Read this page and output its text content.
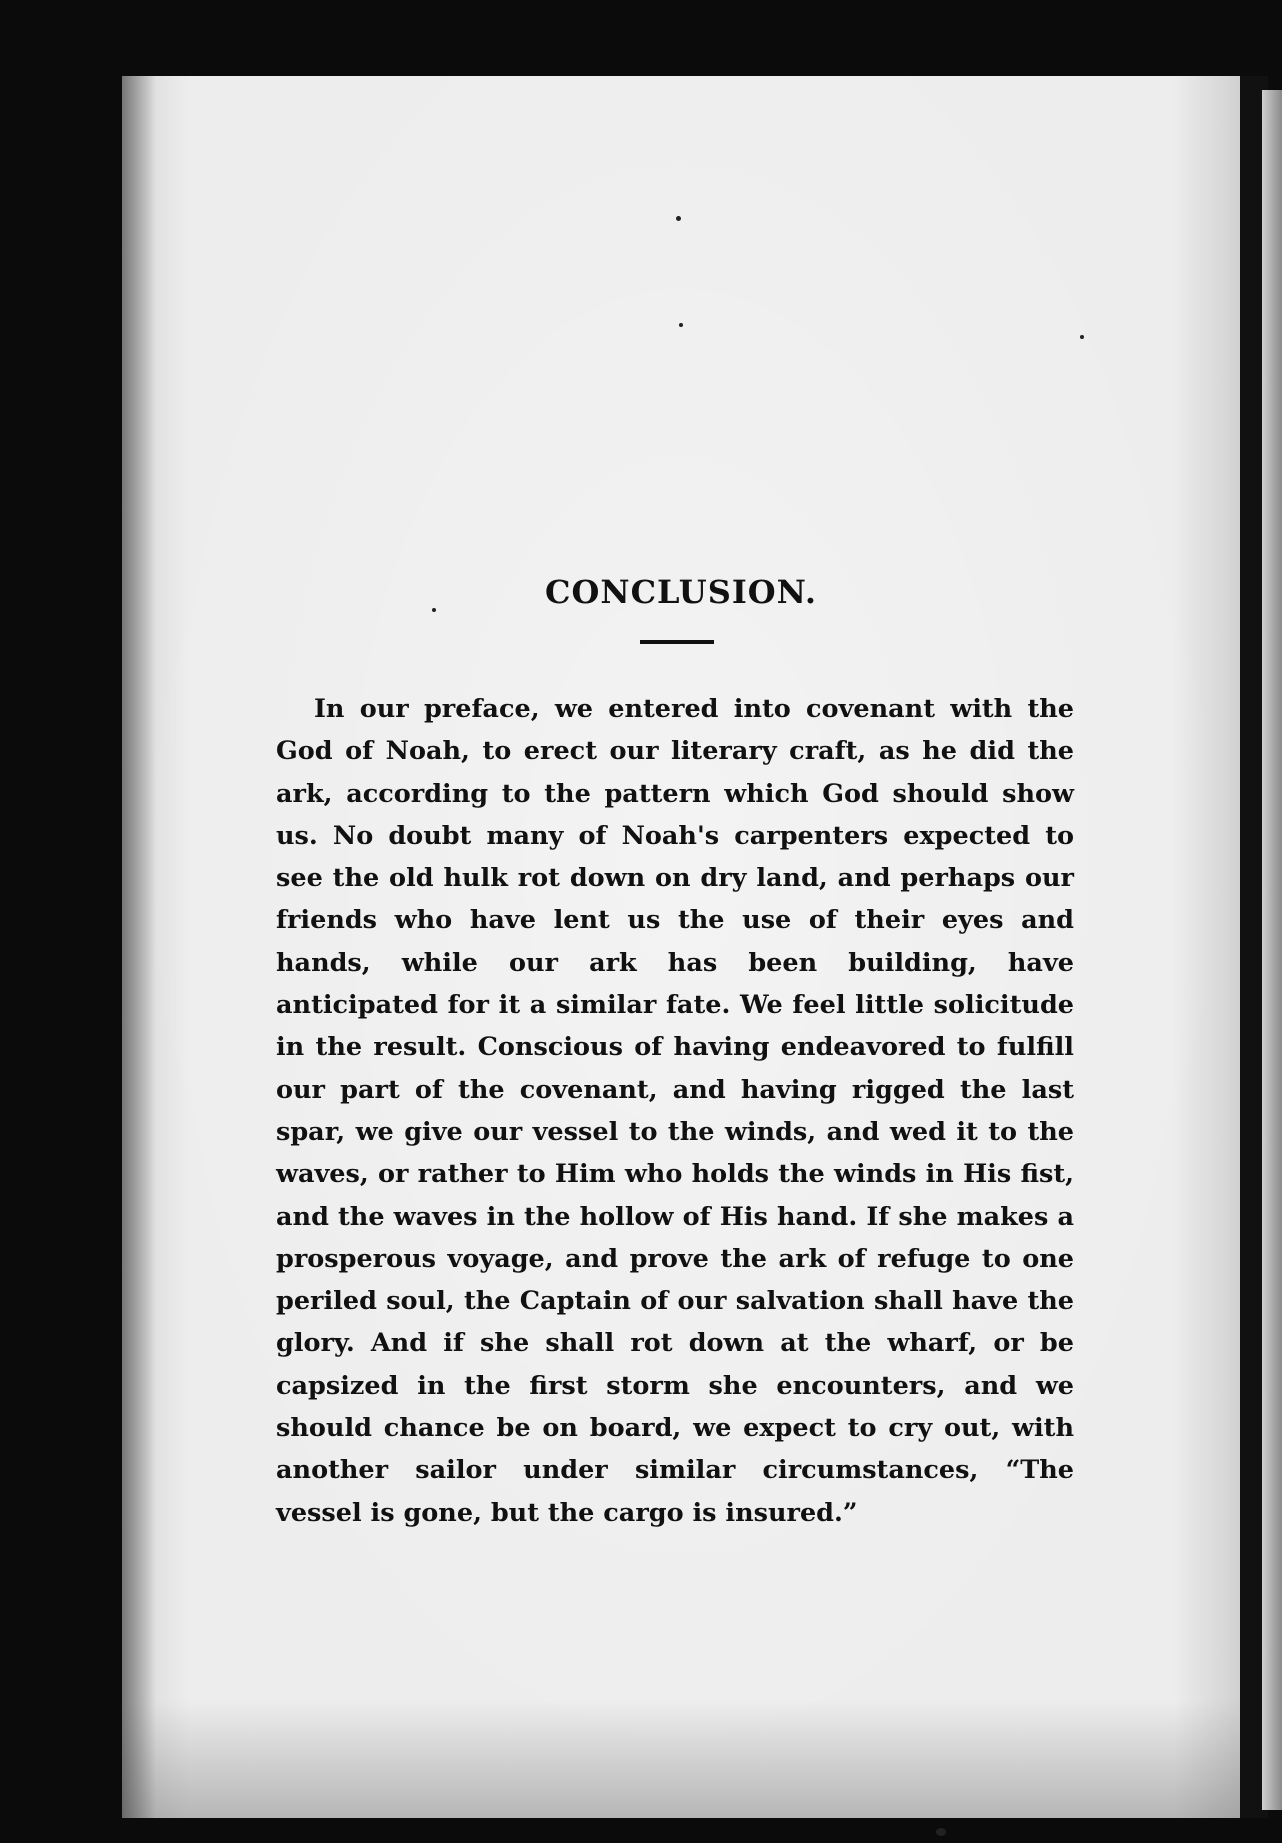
CONCLUSION.

In our preface, we entered into covenant with the God of Noah, to erect our literary craft, as he did the ark, according to the pattern which God should show us. No doubt many of Noah's carpenters expected to see the old hulk rot down on dry land, and perhaps our friends who have lent us the use of their eyes and hands, while our ark has been building, have anticipated for it a similar fate. We feel little solicitude in the result. Conscious of having endeavored to fulfill our part of the covenant, and having rigged the last spar, we give our vessel to the winds, and wed it to the waves, or rather to Him who holds the winds in His fist, and the waves in the hollow of His hand. If she makes a prosperous voyage, and prove the ark of refuge to one periled soul, the Captain of our salvation shall have the glory. And if she shall rot down at the wharf, or be capsized in the first storm she encounters, and we should chance be on board, we expect to cry out, with another sailor under similar circumstances, “The vessel is gone, but the cargo is insured.”
